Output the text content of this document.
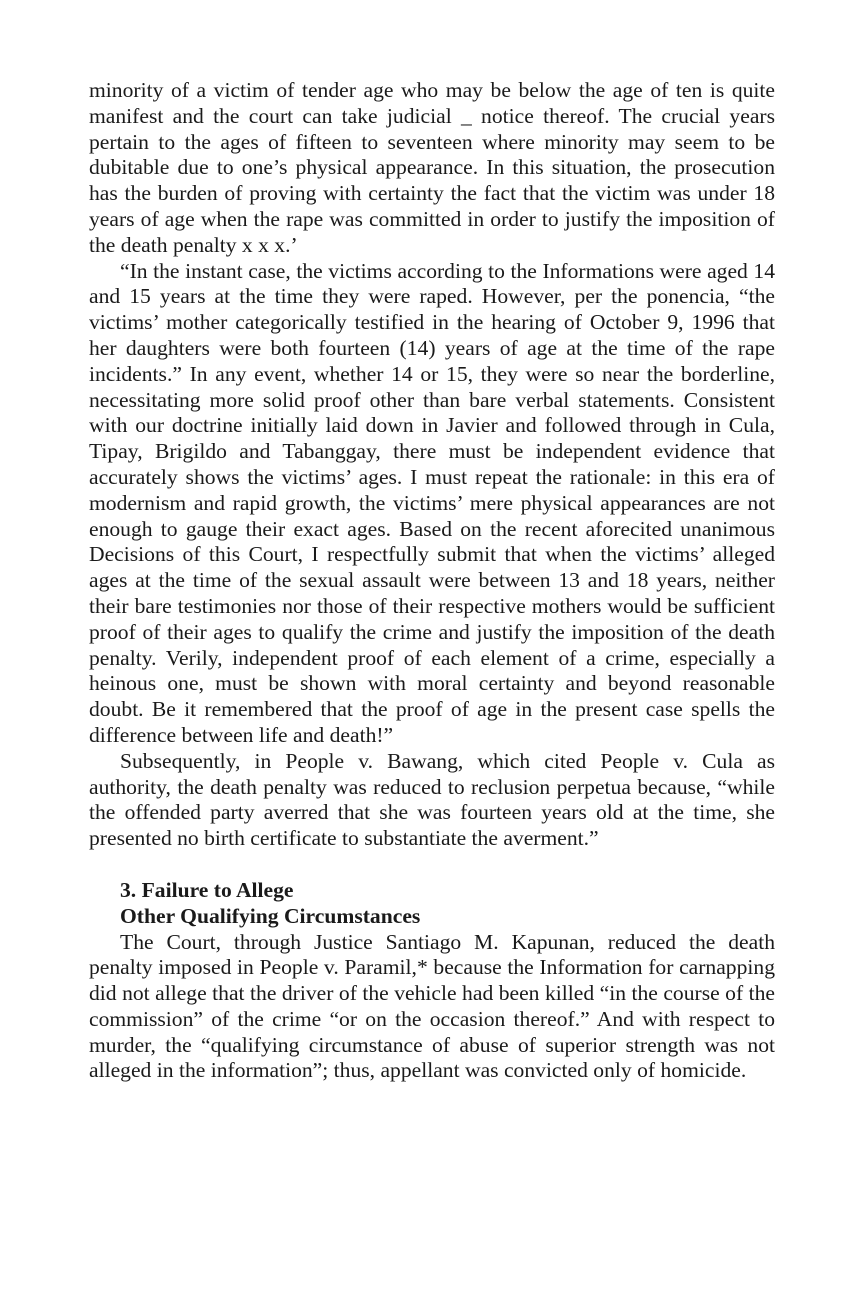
minority of a victim of tender age who may be below the age of ten is quite manifest and the court can take judicial _ notice thereof. The crucial years pertain to the ages of fifteen to seventeen where minority may seem to be dubitable due to one’s physical appearance. In this situation, the prosecution has the burden of proving with certainty the fact that the victim was under 18 years of age when the rape was committed in order to justify the imposition of the death penalty x x x.’

“In the instant case, the victims according to the Informations were aged 14 and 15 years at the time they were raped. However, per the ponencia, “the victims’ mother categorically testified in the hearing of October 9, 1996 that her daughters were both fourteen (14) years of age at the time of the rape incidents.” In any event, whether 14 or 15, they were so near the borderline, necessitating more solid proof other than bare verbal statements. Consistent with our doctrine initially laid down in Javier and followed through in Cula, Tipay, Brigildo and Tabanggay, there must be independent evidence that accurately shows the victims’ ages. I must repeat the rationale: in this era of modernism and rapid growth, the victims’ mere physical appearances are not enough to gauge their exact ages. Based on the recent aforecited unanimous Decisions of this Court, I respectfully submit that when the victims’ alleged ages at the time of the sexual assault were between 13 and 18 years, neither their bare testimonies nor those of their respective mothers would be sufficient proof of their ages to qualify the crime and justify the imposition of the death penalty. Verily, independent proof of each element of a crime, especially a heinous one, must be shown with moral certainty and beyond reasonable doubt. Be it remembered that the proof of age in the present case spells the difference between life and death!”

Subsequently, in People v. Bawang, which cited People v. Cula as authority, the death penalty was reduced to reclusion perpetua because, “while the offended party averred that she was fourteen years old at the time, she presented no birth certificate to substantiate the averment.”

3. Failure to Allege
Other Qualifying Circumstances

The Court, through Justice Santiago M. Kapunan, reduced the death penalty imposed in People v. Paramil,* because the Information for carnapping did not allege that the driver of the vehicle had been killed “in the course of the commission” of the crime “or on the occasion thereof.” And with respect to murder, the “qualifying circumstance of abuse of superior strength was not alleged in the information”; thus, appellant was convicted only of homicide.
